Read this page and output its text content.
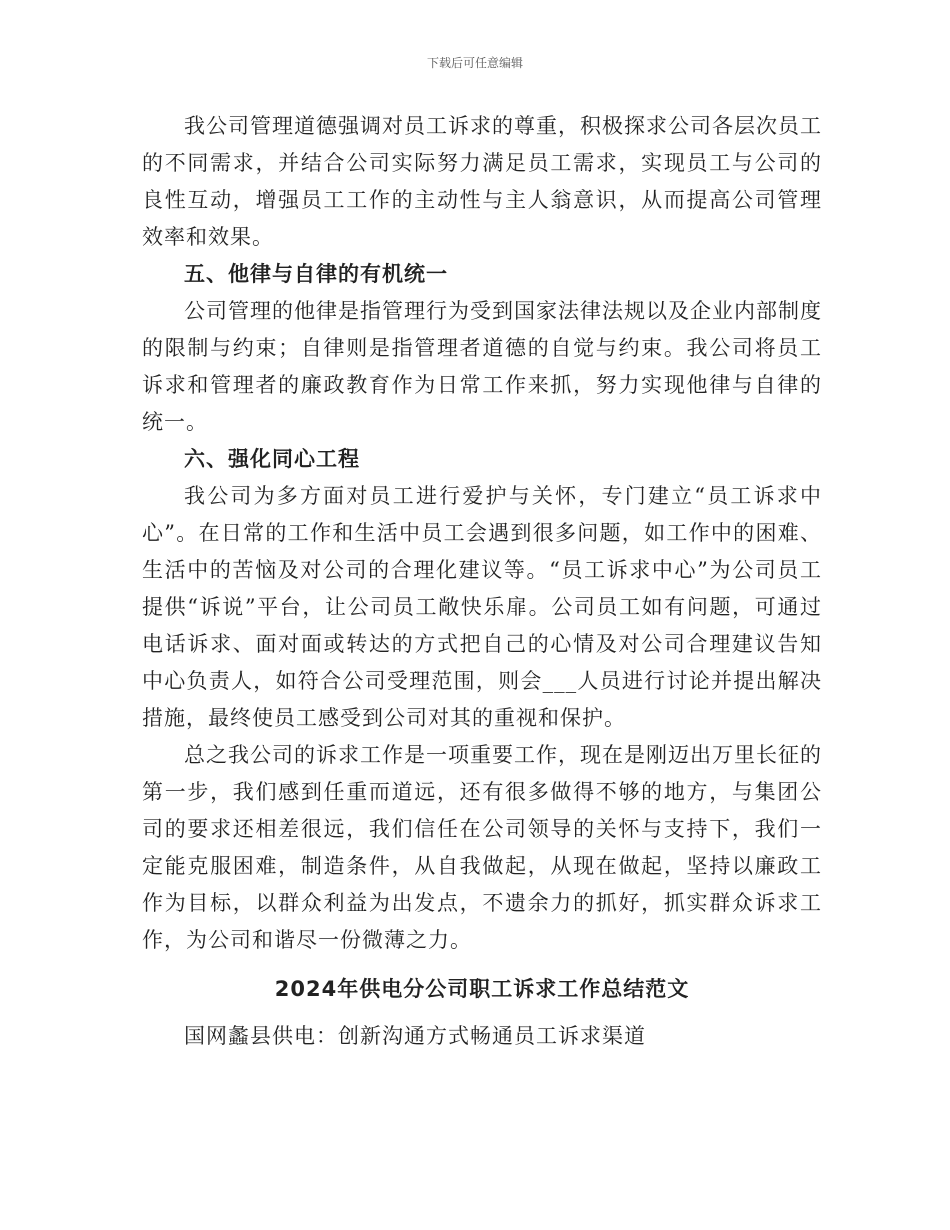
下载后可任意编辑

我公司管理道德强调对员工诉求的尊重，积极探求公司各层次员工的不同需求，并结合公司实际努力满足员工需求，实现员工与公司的良性互动，增强员工工作的主动性与主人翁意识，从而提高公司管理效率和效果。

五、他律与自律的有机统一

公司管理的他律是指管理行为受到国家法律法规以及企业内部制度的限制与约束；自律则是指管理者道德的自觉与约束。我公司将员工诉求和管理者的廉政教育作为日常工作来抓，努力实现他律与自律的统一。

六、强化同心工程

我公司为多方面对员工进行爱护与关怀，专门建立“员工诉求中心”。在日常的工作和生活中员工会遇到很多问题，如工作中的困难、生活中的苦恼及对公司的合理化建议等。“员工诉求中心”为公司员工提供“诉说”平台，让公司员工敞快乐扉。公司员工如有问题，可通过电话诉求、面对面或转达的方式把自己的心情及对公司合理建议告知中心负责人，如符合公司受理范围，则会___人员进行讨论并提出解决措施，最终使员工感受到公司对其的重视和保护。

总之我公司的诉求工作是一项重要工作，现在是刚迈出万里长征的第一步，我们感到任重而道远，还有很多做得不够的地方，与集团公司的要求还相差很远，我们信任在公司领导的关怀与支持下，我们一定能克服困难，制造条件，从自我做起，从现在做起，坚持以廉政工作为目标，以群众利益为出发点，不遗余力的抓好，抓实群众诉求工作，为公司和谐尽一份微薄之力。

2024年供电分公司职工诉求工作总结范文

国网蠡县供电：创新沟通方式畅通员工诉求渠道
